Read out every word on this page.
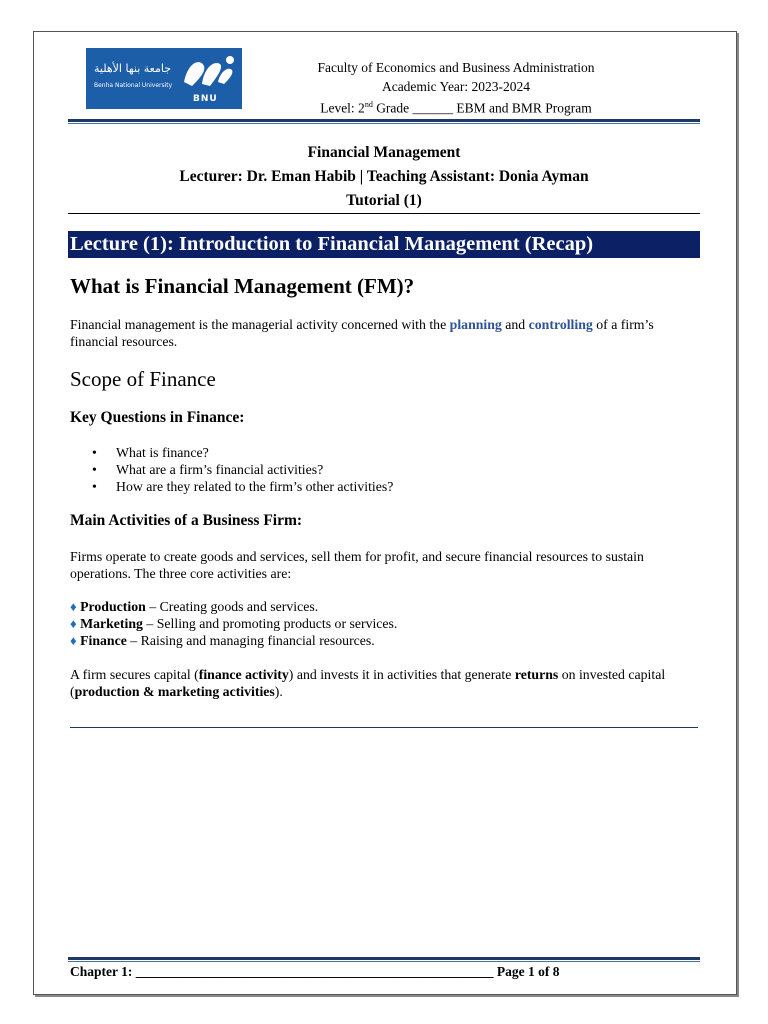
جامعة بنها الأهلية
Benha National University
BNU
Faculty of Economics and Business Administration
Academic Year: 2023-2024
Level: 2nd Grade ______ EBM and BMR Program
Financial Management
Lecturer: Dr. Eman Habib | Teaching Assistant: Donia Ayman
Tutorial (1)
Lecture (1): Introduction to Financial Management (Recap)
What is Financial Management (FM)?
Financial management is the managerial activity concerned with the planning and controlling of a firm’s financial resources.
Scope of Finance
Key Questions in Finance:
• What is finance?
• What are a firm’s financial activities?
• How are they related to the firm’s other activities?
Main Activities of a Business Firm:
Firms operate to create goods and services, sell them for profit, and secure financial resources to sustain operations. The three core activities are:
♦ Production – Creating goods and services.
♦ Marketing – Selling and promoting products or services.
♦ Finance – Raising and managing financial resources.
A firm secures capital (finance activity) and invests it in activities that generate returns on invested capital (production & marketing activities).
Chapter 1: _____________________________________________________ Page 1 of 8
